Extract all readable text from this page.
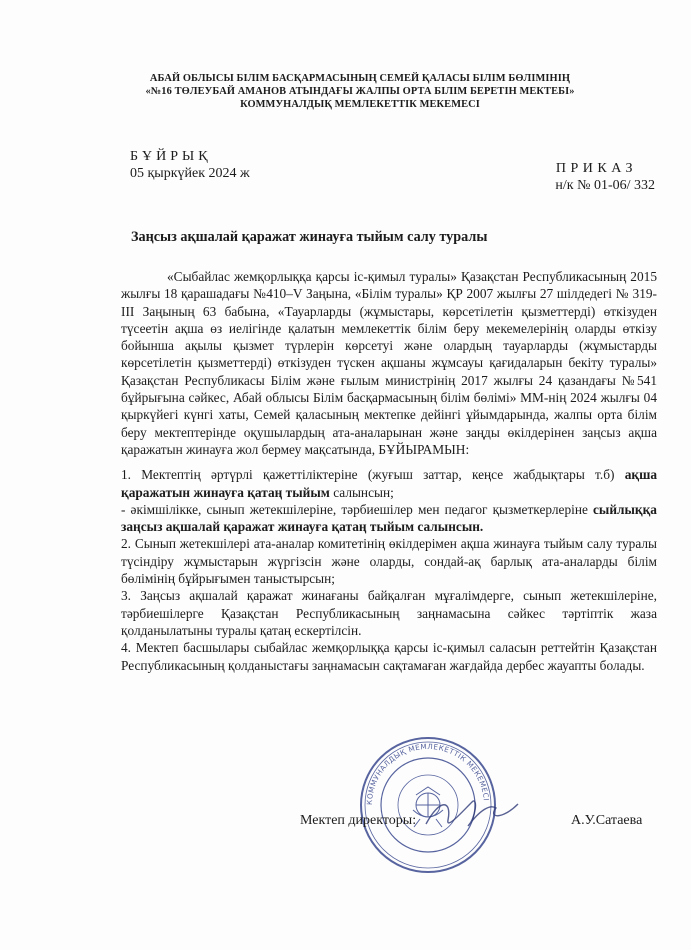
АБАЙ ОБЛЫСЫ БІЛІМ БАСҚАРМАСЫНЫҢ СЕМЕЙ ҚАЛАСЫ БІЛІМ БӨЛІМІНІҢ
«№16 ТӨЛЕУБАЙ АМАНОВ АТЫНДАҒЫ ЖАЛПЫ ОРТА БІЛІМ БЕРЕТІН МЕКТЕБІ»
КОММУНАЛДЫҚ МЕМЛЕКЕТТІК МЕКЕМЕСІ
БҰЙРЫҚ
05 қыркүйек 2024 ж	ПРИКАЗ
н/к № 01-06/ 332
Заңсыз ақшалай қаражат жинауға тыйым салу туралы

«Сыбайлас жемқорлыққа қарсы іс-қимыл туралы» Қазақстан Республикасының 2015 жылғы 18 қарашадағы №410–V Заңына, «Білім туралы» ҚР 2007 жылғы 27 шілдедегі № 319- ІІІ Заңының 63 бабына, «Тауарларды (жұмыстары, көрсетілетін қызметтерді) өткізуден түсеетін ақша өз иелігінде қалатын мемлекеттік білім беру мекемелерінің оларды өткізу бойынша ақылы қызмет түрлерін көрсетуі және олардың тауарларды (жұмыстарды көрсетілетін қызметтерді) өткізуден түскен ақшаны жұмсауы қағидаларын бекіту туралы» Қазақстан Республикасы Білім және ғылым министрінің 2017 жылғы 24 қазандағы №541 бұйрығына сәйкес, Абай облысы Білім басқармасының білім бөлімі» ММ-нің 2024 жылғы 04 қыркүйегі күнгі хаты, Семей қаласының мектепке дейінгі ұйымдарында, жалпы орта білім беру мектептерінде оқушылардың ата-аналарынан және заңды өкілдерінен заңсыз ақша қаражатын жинауға жол бермеу мақсатында, БҰЙЫРАМЫН:

1. Мектептің әртүрлі қажеттіліктеріне (жуғыш заттар, кеңсе жабдықтары т.б) ақша қаражатын жинауға қатаң тыйым салынсын;

- әкімшілікке, сынып жетекшілеріне, тәрбиешілер мен педагог қызметкерлеріне сыйлыққа заңсыз ақшалай қаражат жинауға қатаң тыйым салынсын.

2. Сынып жетекшілері ата-аналар комитетінің өкілдерімен ақша жинауға тыйым салу туралы түсіндіру жұмыстарын жүргізсін және оларды, сондай-ақ барлық ата-аналарды білім бөлімінің бұйрығымен таныстырсын;

3. Заңсыз ақшалай қаражат жинағаны байқалған мұғалімдерге, сынып жетекшілеріне, тәрбиешілерге Қазақстан Республикасының заңнамасына сәйкес тәртіптік жаза қолданылатыны туралы қатаң ескертілсін.

4. Мектеп басшылары сыбайлас жемқорлыққа қарсы іс-қимыл саласын реттейтін Қазақстан Республикасының қолданыстағы заңнамасын сақтамаған жағдайда дербес жауапты болады.

КОММУНАЛДЫҚ МЕМЛЕКЕТТІК МЕКЕМЕСІ
Мектеп директоры:	А.У.Сатаева
